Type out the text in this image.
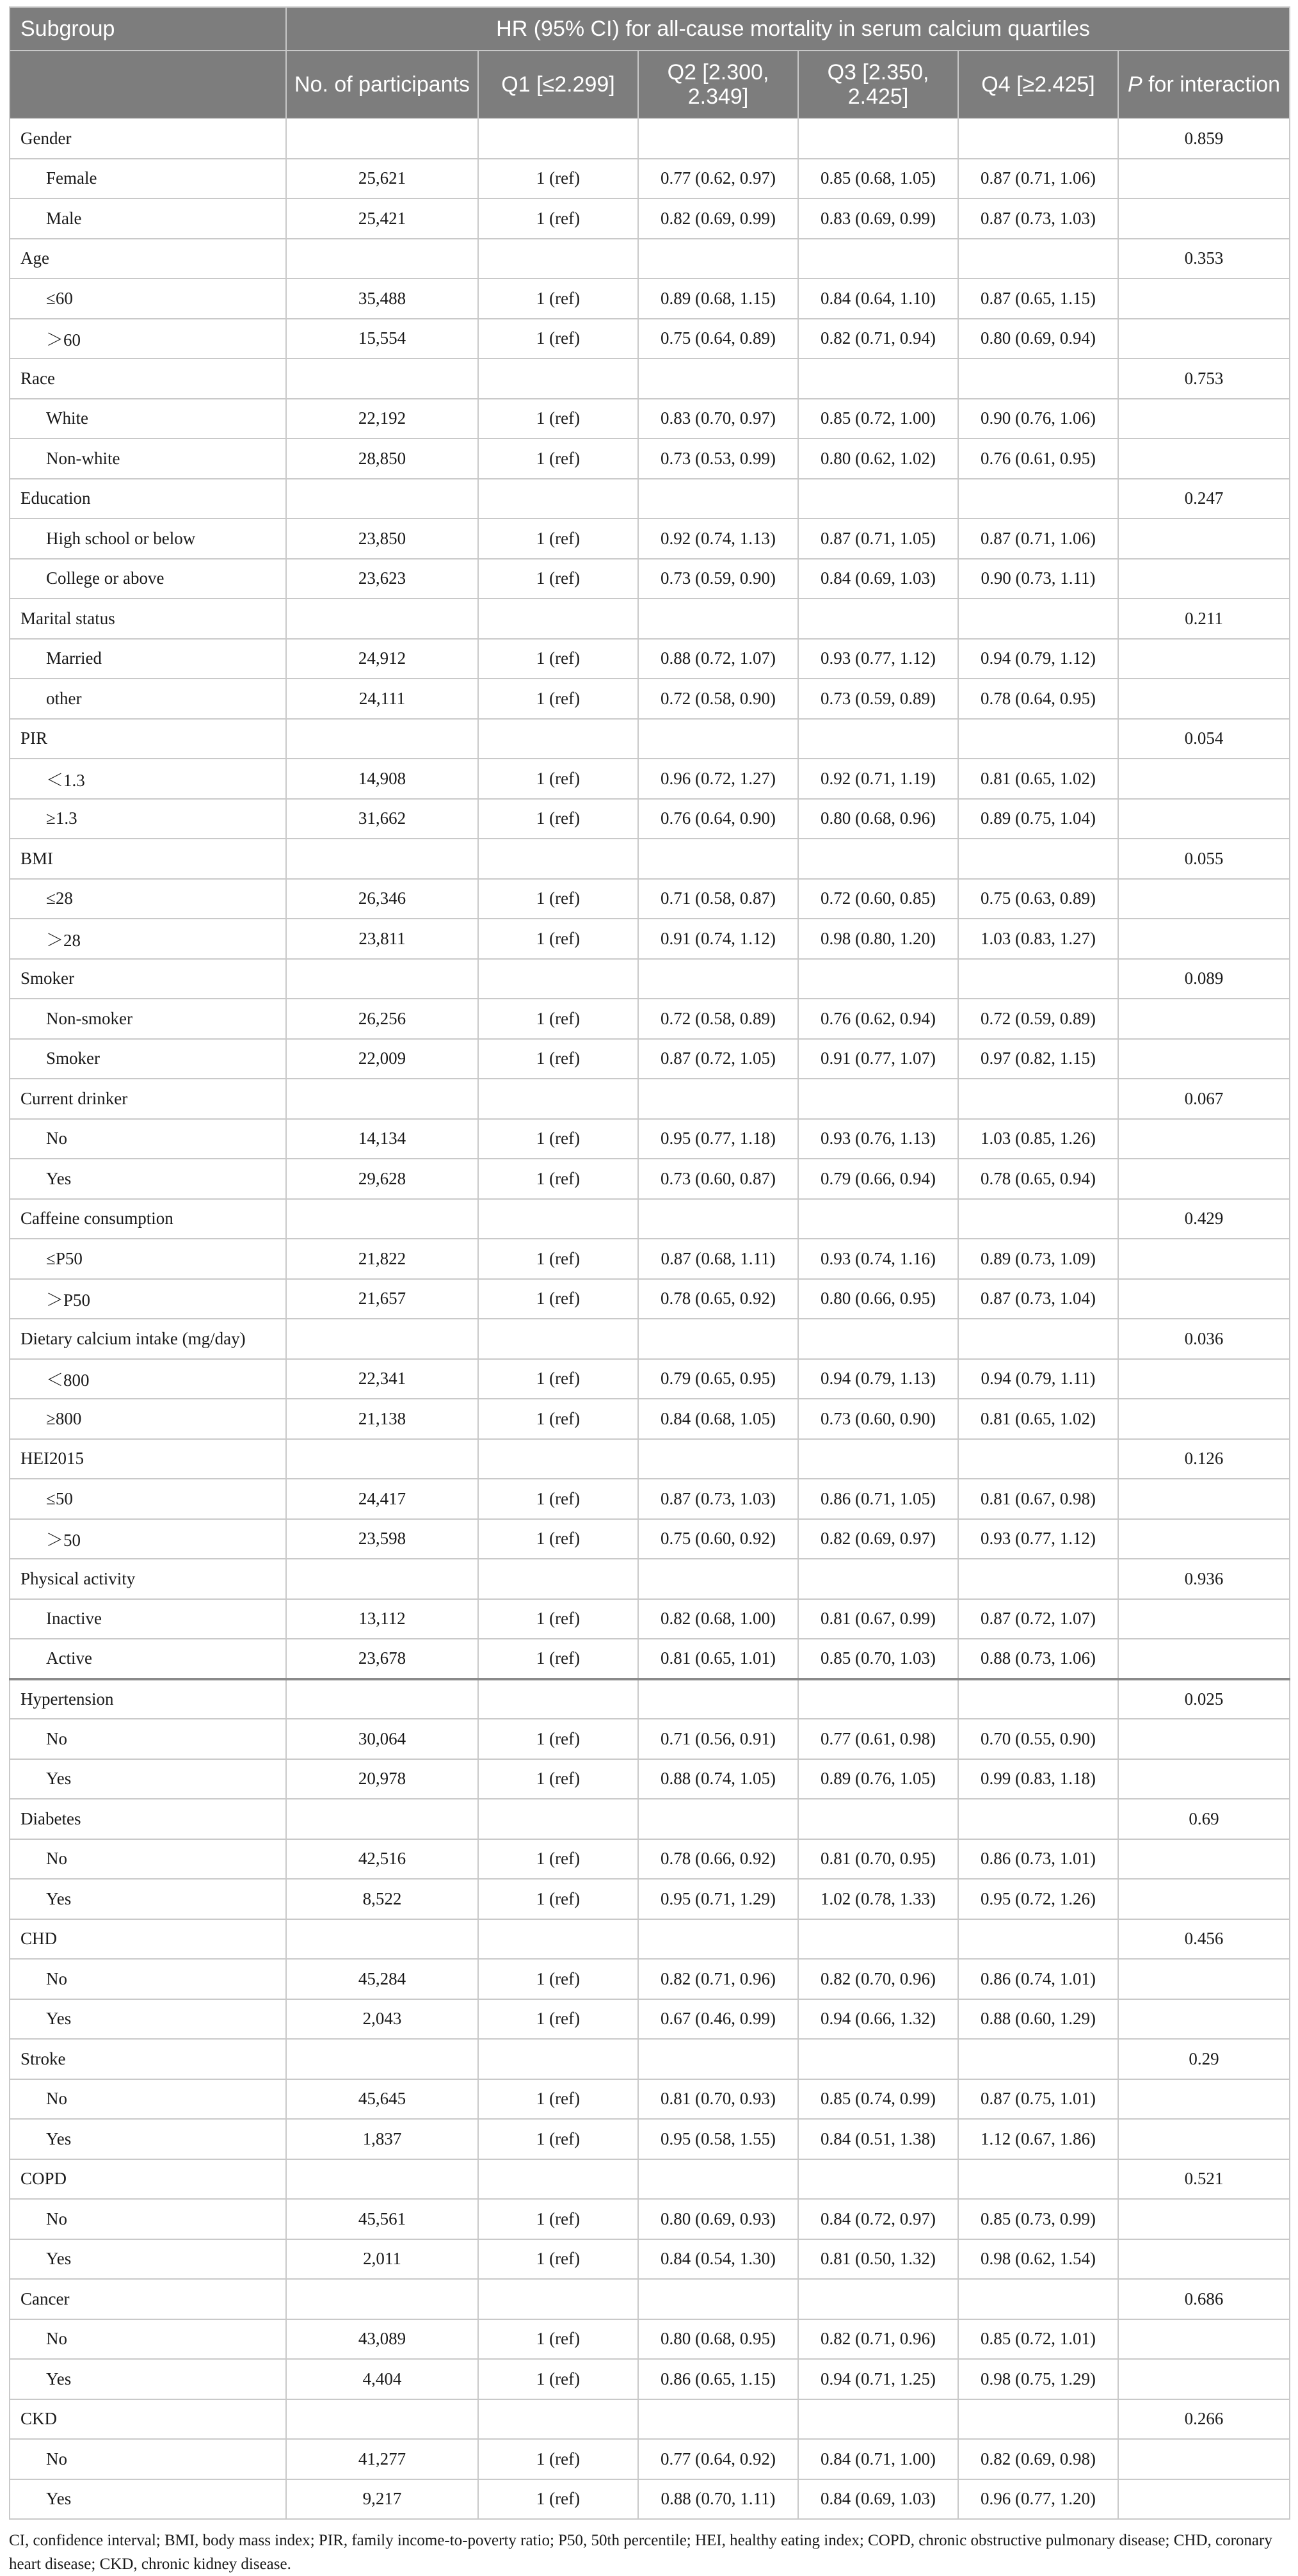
Subgroup	HR (95% CI) for all-cause mortality in serum calcium quartiles					
	No. of participants	Q1 [≤2.299]	Q2 [2.300, 2.349]	Q3 [2.350, 2.425]	Q4 [≥2.425]	P for interaction
Gender						0.859
Female	25,621	1 (ref)	0.77 (0.62, 0.97)	0.85 (0.68, 1.05)	0.87 (0.71, 1.06)	
Male	25,421	1 (ref)	0.82 (0.69, 0.99)	0.83 (0.69, 0.99)	0.87 (0.73, 1.03)	
Age						0.353
≤60	35,488	1 (ref)	0.89 (0.68, 1.15)	0.84 (0.64, 1.10)	0.87 (0.65, 1.15)	
＞60	15,554	1 (ref)	0.75 (0.64, 0.89)	0.82 (0.71, 0.94)	0.80 (0.69, 0.94)	
Race						0.753
White	22,192	1 (ref)	0.83 (0.70, 0.97)	0.85 (0.72, 1.00)	0.90 (0.76, 1.06)	
Non-white	28,850	1 (ref)	0.73 (0.53, 0.99)	0.80 (0.62, 1.02)	0.76 (0.61, 0.95)	
Education						0.247
High school or below	23,850	1 (ref)	0.92 (0.74, 1.13)	0.87 (0.71, 1.05)	0.87 (0.71, 1.06)	
College or above	23,623	1 (ref)	0.73 (0.59, 0.90)	0.84 (0.69, 1.03)	0.90 (0.73, 1.11)	
Marital status						0.211
Married	24,912	1 (ref)	0.88 (0.72, 1.07)	0.93 (0.77, 1.12)	0.94 (0.79, 1.12)	
other	24,111	1 (ref)	0.72 (0.58, 0.90)	0.73 (0.59, 0.89)	0.78 (0.64, 0.95)	
PIR						0.054
＜1.3	14,908	1 (ref)	0.96 (0.72, 1.27)	0.92 (0.71, 1.19)	0.81 (0.65, 1.02)	
≥1.3	31,662	1 (ref)	0.76 (0.64, 0.90)	0.80 (0.68, 0.96)	0.89 (0.75, 1.04)	
BMI						0.055
≤28	26,346	1 (ref)	0.71 (0.58, 0.87)	0.72 (0.60, 0.85)	0.75 (0.63, 0.89)	
＞28	23,811	1 (ref)	0.91 (0.74, 1.12)	0.98 (0.80, 1.20)	1.03 (0.83, 1.27)	
Smoker						0.089
Non-smoker	26,256	1 (ref)	0.72 (0.58, 0.89)	0.76 (0.62, 0.94)	0.72 (0.59, 0.89)	
Smoker	22,009	1 (ref)	0.87 (0.72, 1.05)	0.91 (0.77, 1.07)	0.97 (0.82, 1.15)	
Current drinker						0.067
No	14,134	1 (ref)	0.95 (0.77, 1.18)	0.93 (0.76, 1.13)	1.03 (0.85, 1.26)	
Yes	29,628	1 (ref)	0.73 (0.60, 0.87)	0.79 (0.66, 0.94)	0.78 (0.65, 0.94)	
Caffeine consumption						0.429
≤P50	21,822	1 (ref)	0.87 (0.68, 1.11)	0.93 (0.74, 1.16)	0.89 (0.73, 1.09)	
＞P50	21,657	1 (ref)	0.78 (0.65, 0.92)	0.80 (0.66, 0.95)	0.87 (0.73, 1.04)	
Dietary calcium intake (mg/day)						0.036
＜800	22,341	1 (ref)	0.79 (0.65, 0.95)	0.94 (0.79, 1.13)	0.94 (0.79, 1.11)	
≥800	21,138	1 (ref)	0.84 (0.68, 1.05)	0.73 (0.60, 0.90)	0.81 (0.65, 1.02)	
HEI2015						0.126
≤50	24,417	1 (ref)	0.87 (0.73, 1.03)	0.86 (0.71, 1.05)	0.81 (0.67, 0.98)	
＞50	23,598	1 (ref)	0.75 (0.60, 0.92)	0.82 (0.69, 0.97)	0.93 (0.77, 1.12)	
Physical activity						0.936
Inactive	13,112	1 (ref)	0.82 (0.68, 1.00)	0.81 (0.67, 0.99)	0.87 (0.72, 1.07)	
Active	23,678	1 (ref)	0.81 (0.65, 1.01)	0.85 (0.70, 1.03)	0.88 (0.73, 1.06)	
Hypertension						0.025
No	30,064	1 (ref)	0.71 (0.56, 0.91)	0.77 (0.61, 0.98)	0.70 (0.55, 0.90)	
Yes	20,978	1 (ref)	0.88 (0.74, 1.05)	0.89 (0.76, 1.05)	0.99 (0.83, 1.18)	
Diabetes						0.69
No	42,516	1 (ref)	0.78 (0.66, 0.92)	0.81 (0.70, 0.95)	0.86 (0.73, 1.01)	
Yes	8,522	1 (ref)	0.95 (0.71, 1.29)	1.02 (0.78, 1.33)	0.95 (0.72, 1.26)	
CHD						0.456
No	45,284	1 (ref)	0.82 (0.71, 0.96)	0.82 (0.70, 0.96)	0.86 (0.74, 1.01)	
Yes	2,043	1 (ref)	0.67 (0.46, 0.99)	0.94 (0.66, 1.32)	0.88 (0.60, 1.29)	
Stroke						0.29
No	45,645	1 (ref)	0.81 (0.70, 0.93)	0.85 (0.74, 0.99)	0.87 (0.75, 1.01)	
Yes	1,837	1 (ref)	0.95 (0.58, 1.55)	0.84 (0.51, 1.38)	1.12 (0.67, 1.86)	
COPD						0.521
No	45,561	1 (ref)	0.80 (0.69, 0.93)	0.84 (0.72, 0.97)	0.85 (0.73, 0.99)	
Yes	2,011	1 (ref)	0.84 (0.54, 1.30)	0.81 (0.50, 1.32)	0.98 (0.62, 1.54)	
Cancer						0.686
No	43,089	1 (ref)	0.80 (0.68, 0.95)	0.82 (0.71, 0.96)	0.85 (0.72, 1.01)	
Yes	4,404	1 (ref)	0.86 (0.65, 1.15)	0.94 (0.71, 1.25)	0.98 (0.75, 1.29)	
CKD						0.266
No	41,277	1 (ref)	0.77 (0.64, 0.92)	0.84 (0.71, 1.00)	0.82 (0.69, 0.98)	
Yes	9,217	1 (ref)	0.88 (0.70, 1.11)	0.84 (0.69, 1.03)	0.96 (0.77, 1.20)	
CI, confidence interval; BMI, body mass index; PIR, family income-to-poverty ratio; P50, 50th percentile; HEI, healthy eating index; COPD, chronic obstructive pulmonary disease; CHD, coronary heart disease; CKD, chronic kidney disease.
